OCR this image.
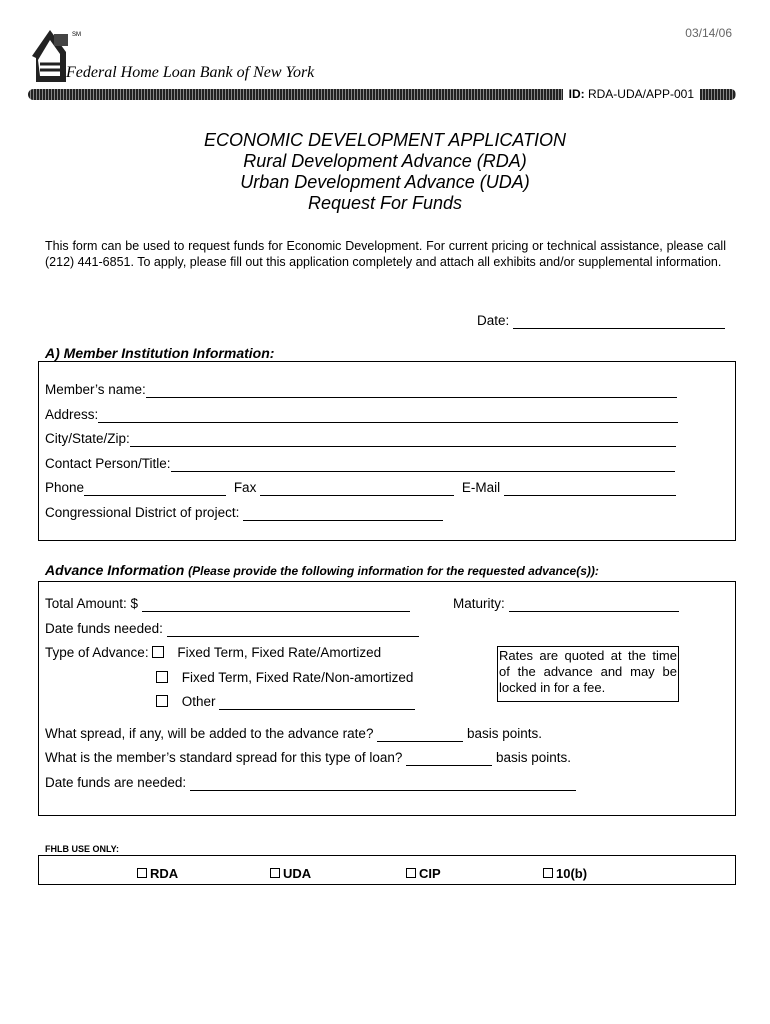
03/14/06
SM
Federal Home Loan Bank of New York
ID: RDA-UDA/APP-001
ECONOMIC DEVELOPMENT APPLICATION
Rural Development Advance (RDA)
Urban Development Advance (UDA)
Request For Funds
This form can be used to request funds for Economic Development. For current pricing or technical assistance, please call (212) 441-6851. To apply, please fill out this application completely and attach all exhibits and/or supplemental information.
Date:
A) Member Institution Information:
Member’s name:
Address:
City/State/Zip:
Contact Person/Title:
Phone	Fax	E-Mail
Congressional District of project:
Advance Information (Please provide the following information for the requested advance(s)):
Total Amount: $	Maturity:
Date funds needed:
Type of Advance: Fixed Term, Fixed Rate/Amortized
Fixed Term, Fixed Rate/Non-amortized
Other
Rates are quoted at the time of the advance and may be locked in for a fee.
What spread, if any, will be added to the advance rate?	basis points.
What is the member’s standard spread for this type of loan?	basis points.
Date funds are needed:
FHLB USE ONLY:
RDA	UDA	CIP	10(b)
